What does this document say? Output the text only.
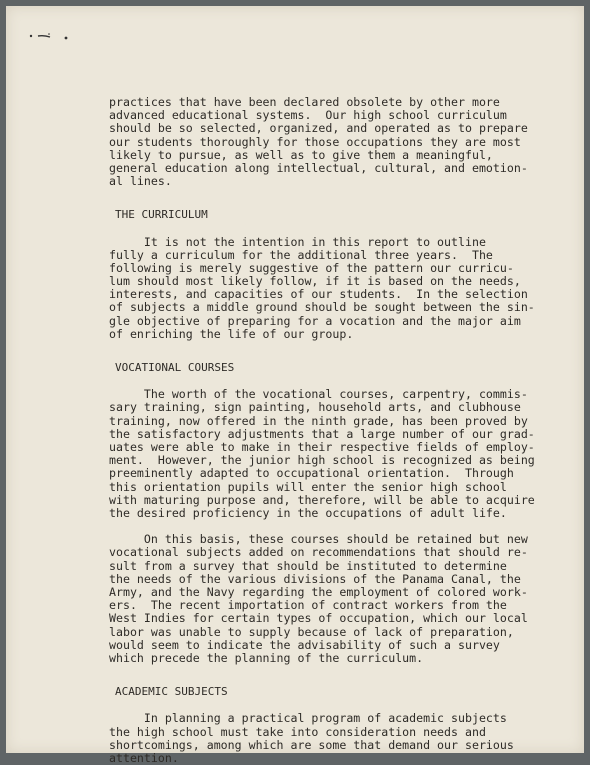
practices that have been declared obsolete by other more
advanced educational systems.  Our high school curriculum
should be so selected, organized, and operated as to prepare
our students thoroughly for those occupations they are most
likely to pursue, as well as to give them a meaningful,
general education along intellectual, cultural, and emotion-
al lines.
THE CURRICULUM
It is not the intention in this report to outline
fully a curriculum for the additional three years.  The
following is merely suggestive of the pattern our curricu-
lum should most likely follow, if it is based on the needs,
interests, and capacities of our students.  In the selection
of subjects a middle ground should be sought between the sin-
gle objective of preparing for a vocation and the major aim
of enriching the life of our group.
VOCATIONAL COURSES
The worth of the vocational courses, carpentry, commis-
sary training, sign painting, household arts, and clubhouse
training, now offered in the ninth grade, has been proved by
the satisfactory adjustments that a large number of our grad-
uates were able to make in their respective fields of employ-
ment.  However, the junior high school is recognized as being
preeminently adapted to occupational orientation.  Through
this orientation pupils will enter the senior high school
with maturing purpose and, therefore, will be able to acquire
the desired proficiency in the occupations of adult life.
On this basis, these courses should be retained but new
vocational subjects added on recommendations that should re-
sult from a survey that should be instituted to determine
the needs of the various divisions of the Panama Canal, the
Army, and the Navy regarding the employment of colored work-
ers.  The recent importation of contract workers from the
West Indies for certain types of occupation, which our local
labor was unable to supply because of lack of preparation,
would seem to indicate the advisability of such a survey
which precede the planning of the curriculum.
ACADEMIC SUBJECTS
In planning a practical program of academic subjects
the high school must take into consideration needs and
shortcomings, among which are some that demand our serious
attention.
